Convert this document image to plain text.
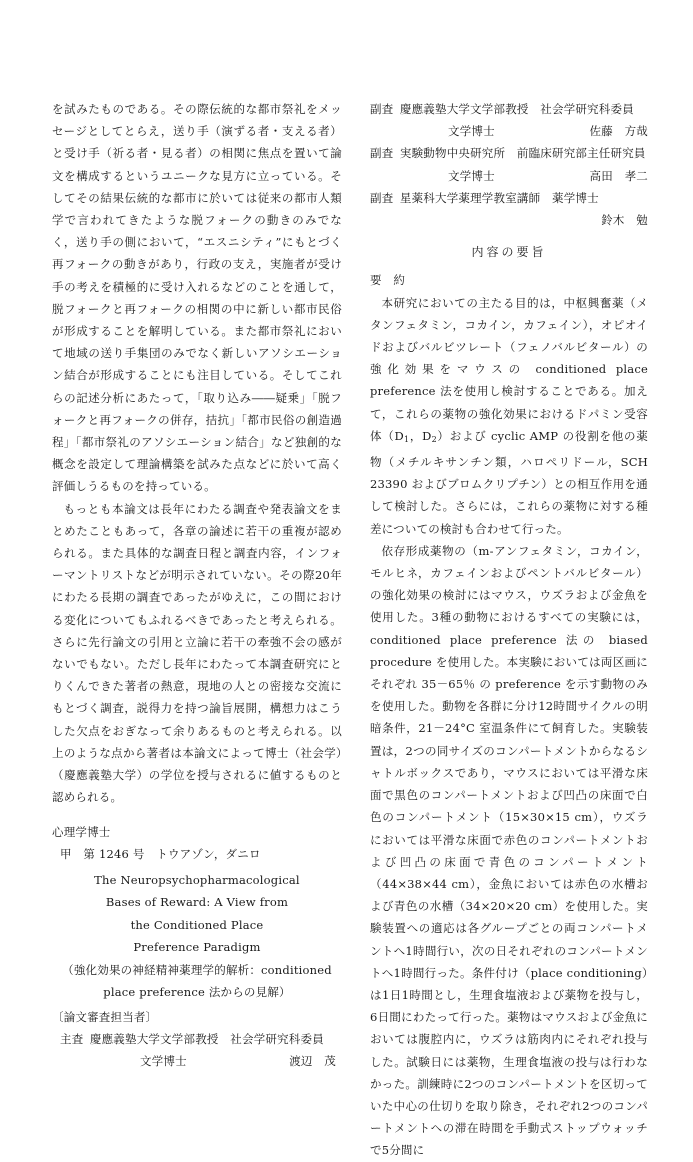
を試みたものである。その際伝統的な都市祭礼をメッセージとしてとらえ，送り手（演ずる者・支える者）と受け手（祈る者・見る者）の相関に焦点を置いて論文を構成するというユニークな見方に立っている。そしてその結果伝統的な都市に於いては従来の都市人類学で言われてきたような脱フォークの動きのみでなく，送り手の側において，“エスニシティ”にもとづく再フォークの動きがあり，行政の支え，実施者が受け手の考えを積極的に受け入れるなどのことを通して，脱フォークと再フォークの相関の中に新しい都市民俗が形成することを解明している。また都市祭礼において地域の送り手集団のみでなく新しいアソシエーション結合が形成することにも注目している。そしてこれらの記述分析にあたって，「取り込み――疑乗」「脱フォークと再フォークの併存，拮抗」「都市民俗の創造過程」「都市祭礼のアソシエーション結合」など独創的な概念を設定して理論構築を試みた点などに於いて高く評価しうるものを持っている。

もっとも本論文は長年にわたる調査や発表論文をまとめたこともあって，各章の論述に若干の重複が認められる。また具体的な調査日程と調査内容，インフォーマントリストなどが明示されていない。その際20年にわたる長期の調査であったがゆえに，この間における変化についてもふれるべきであったと考えられる。さらに先行論文の引用と立論に若干の牽強不会の感がないでもない。ただし長年にわたって本調査研究にとりくんできた著者の熱意，現地の人との密接な交流にもとづく調査，説得力を持つ論旨展開，構想力はこうした欠点をおぎなって余りあるものと考えられる。以上のような点から著者は本論文によって博士（社会学）（慶應義塾大学）の学位を授与されるに値するものと認められる。

心理学博士

甲　第 1246 号　トウアゾン，ダニロ

The Neuropsychopharmacological
Bases of Reward: A View from
the Conditioned Place
Preference Paradigm
（強化効果の神経精神薬理学的解析：conditioned
place preference 法からの見解）

〔論文審査担当者〕

主査 慶應義塾大学文学部教授　社会学研究科委員
文学博士	渡辺　茂
副査 慶應義塾大学文学部教授　社会学研究科委員
文学博士	佐藤　方哉
副査 実験動物中央研究所　前臨床研究部主任研究員
文学博士	高田　孝二
副査 星薬科大学薬理学教室講師　薬学博士
鈴木　勉
内容の要旨

要　約

本研究においての主たる目的は，中枢興奮薬（メタンフェタミン，コカイン，カフェイン），オピオイドおよびバルビツレート（フェノバルビタール）の強化効果をマウスの conditioned place preference 法を使用し検討することである。加えて，これらの薬物の強化効果におけるドパミン受容体（$D_1$，$D_2$）および cyclic AMP の役割を他の薬物（メチルキサンチン類，ハロペリドール，SCH 23390 およびブロムクリプチン）との相互作用を通して検討した。さらには，これらの薬物に対する種差についての検討も合わせて行った。

依存形成薬物の（m-アンフェタミン，コカイン，モルヒネ，カフェインおよびペントバルビタール）の強化効果の検討にはマウス，ウズラおよび金魚を使用した。3種の動物におけるすべての実験には，conditioned place preference 法の biased procedure を使用した。本実験においては両区画にそれぞれ 35－65％ の preference を示す動物のみを使用した。動物を各群に分け12時間サイクルの明暗条件，21－24°C 室温条件にて飼育した。実験装置は，2つの同サイズのコンパートメントからなるシャトルボックスであり，マウスにおいては平滑な床面で黒色のコンパートメントおよび凹凸の床面で白色のコンパートメント（15×30×15 cm），ウズラにおいては平滑な床面で赤色のコンパートメントおよび凹凸の床面で青色のコンパートメント（44×38×44 cm），金魚においては赤色の水槽および青色の水槽（34×20×20 cm）を使用した。実験装置への適応は各グループごとの両コンパートメントへ1時間行い，次の日それぞれのコンパートメントへ1時間行った。条件付け（place conditioning）は1日1時間とし，生理食塩液および薬物を投与し，6日間にわたって行った。薬物はマウスおよび金魚においては腹腔内に，ウズラは筋肉内にそれぞれ投与した。試験日には薬物，生理食塩液の投与は行わなかった。訓練時に2つのコンパートメントを区切っていた中心の仕切りを取り除き，それぞれ2つのコンパートメントへの滞在時間を手動式ストップウォッチで5分間に
